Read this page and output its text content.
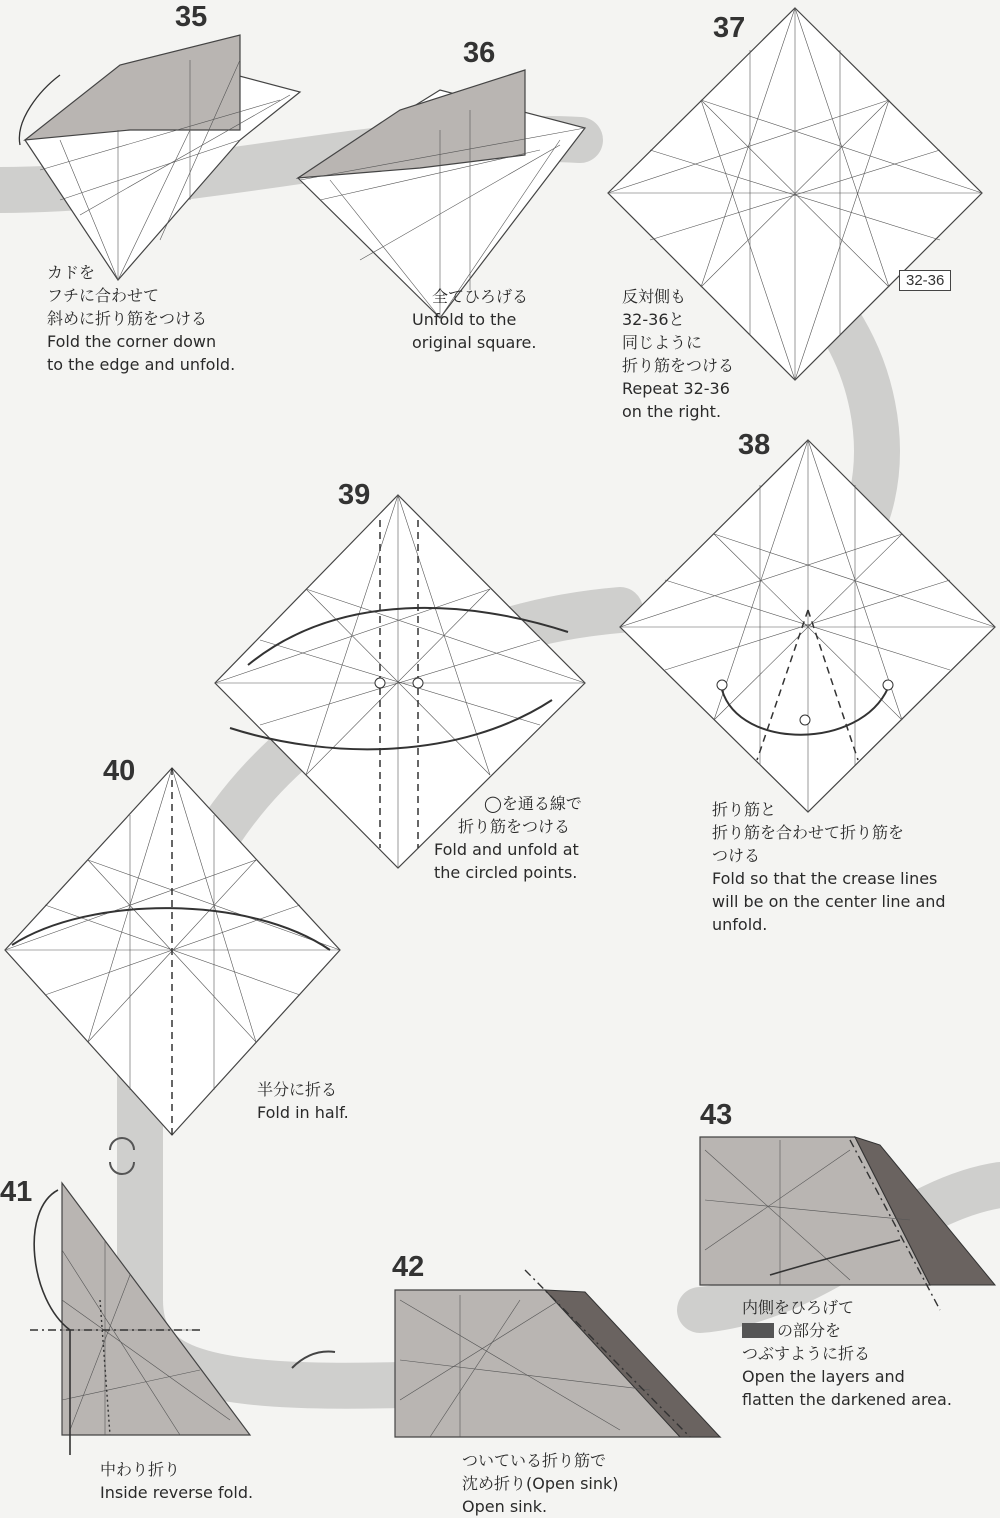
35
36
37
38
39
40
41
42
43
32-36
カドを
フチに合わせて
斜めに折り筋をつける
Fold the corner down
to the edge and unfold.
全てひろげる
Unfold to the
original square.
反対側も
32-36と
同じように
折り筋をつける
Repeat 32-36
on the right.
折り筋と
折り筋を合わせて折り筋を
つける
Fold so that the crease lines
will be on the center line and
unfold.
◯を通る線で
折り筋をつける
Fold and unfold at
the circled points.
半分に折る
Fold in half.
中わり折り
Inside reverse fold.
ついている折り筋で
沈め折り(Open sink)
Open sink.
内側をひろげて
の部分を
つぶすように折る
Open the layers and
flatten the darkened area.
